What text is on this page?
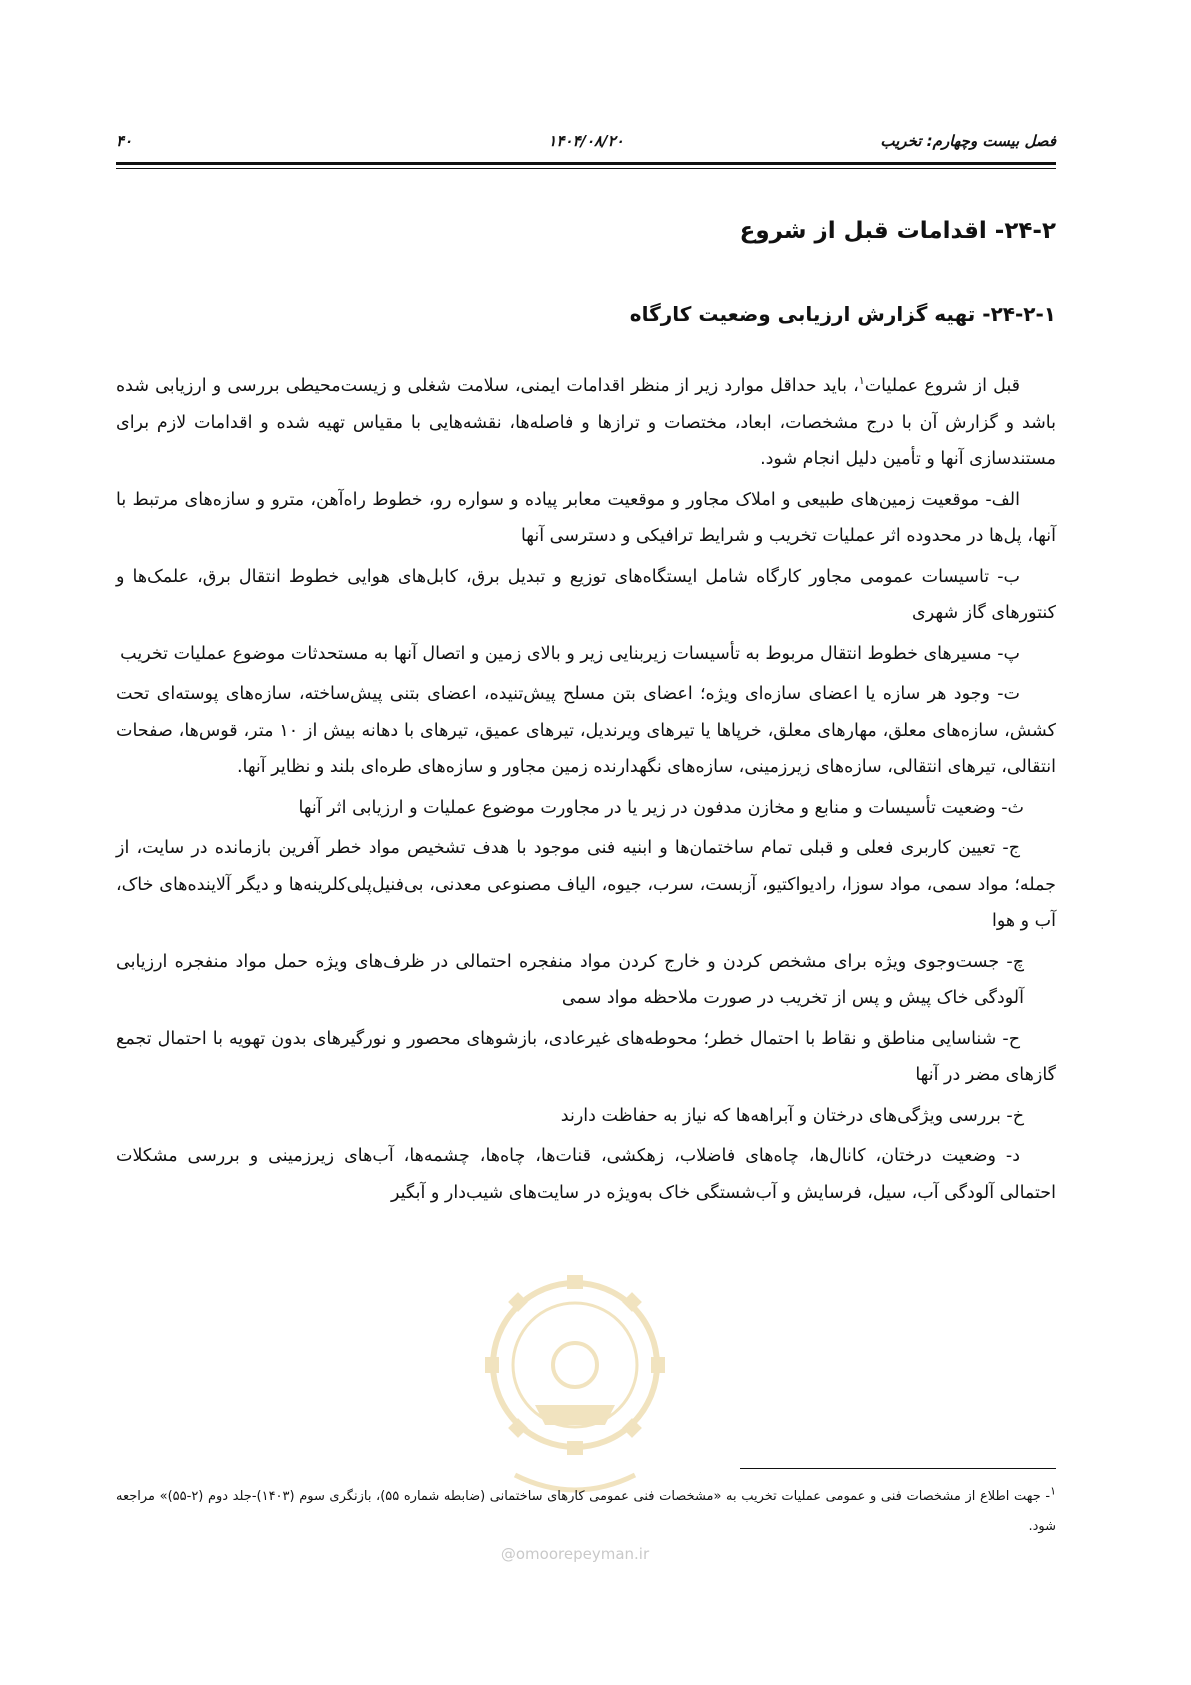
فصل بیست وچهارم: تخریب
۱۴۰۴/۰۸/۲۰
۴۰
۲۴-۲- اقدامات قبل از شروع
۲۴-۲-۱- تهیه گزارش ارزیابی وضعیت کارگاه

قبل از شروع عملیات$^۱$، باید حداقل موارد زیر از منظر اقدامات ایمنی، سلامت شغلی و زیست‌محیطی بررسی و ارزیابی شده باشد و گزارش آن با درج مشخصات، ابعاد، مختصات و ترازها و فاصله‌ها، نقشه‌هایی با مقیاس تهیه شده و اقدامات لازم برای مستندسازی آنها و تأمین دلیل انجام شود.

الف- موقعیت زمین‌های طبیعی و املاک مجاور و موقعیت معابر پیاده و سواره رو، خطوط راه‌آهن، مترو و سازه‌های مرتبط با آنها، پل‌ها در محدوده اثر عملیات تخریب و شرایط ترافیکی و دسترسی آنها

ب- تاسیسات عمومی مجاور کارگاه شامل ایستگاه‌های توزیع و تبدیل برق، کابل‌های هوایی خطوط انتقال برق، علمک‌ها و کنتورهای گاز شهری

پ- مسیرهای خطوط انتقال مربوط به تأسیسات زیربنایی زیر و بالای زمین و اتصال آنها به مستحدثات موضوع عملیات تخریب

ت- وجود هر سازه یا اعضای سازه‌ای ویژه؛ اعضای بتن مسلح پیش‌تنیده، اعضای بتنی پیش‌ساخته، سازه‌های پوسته‌ای تحت کشش، سازه‌های معلق، مهارهای معلق، خرپاها یا تیرهای ویرندیل، تیرهای عمیق، تیرهای با دهانه بیش از ۱۰ متر، قوس‌ها، صفحات انتقالی، تیرهای انتقالی، سازه‌های زیرزمینی، سازه‌های نگهدارنده زمین مجاور و سازه‌های طره‌ای بلند و نظایر آنها.

ث- وضعیت تأسیسات و منابع و مخازن مدفون در زیر یا در مجاورت موضوع عملیات و ارزیابی اثر آنها

ج- تعیین کاربری فعلی و قبلی تمام ساختمان‌ها و ابنیه فنی موجود با هدف تشخیص مواد خطر آفرین بازمانده در سایت، از جمله؛ مواد سمی، مواد سوزا، رادیواکتیو، آزبست، سرب، جیوه، الیاف مصنوعی معدنی، بی‌فنیل‌پلی‌کلرینه‌ها و دیگر آلاینده‌های خاک، آب و هوا

چ- جست‌وجوی ویژه برای مشخص کردن و خارج کردن مواد منفجره احتمالی در ظرف‌های ویژه حمل مواد منفجره ارزیابی آلودگی خاک پیش و پس از تخریب در صورت ملاحظه مواد سمی

ح- شناسایی مناطق و نقاط با احتمال خطر؛ محوطه‌های غیرعادی، بازشوهای محصور و نورگیرهای بدون تهویه با احتمال تجمع گازهای مضر در آنها

خ- بررسی ویژگی‌های درختان و آبراهه‌ها که نیاز به حفاظت دارند

د- وضعیت درختان، کانال‌ها، چاه‌های فاضلاب، زهکشی، قنات‌ها، چاه‌ها، چشمه‌ها، آب‌های زیرزمینی و بررسی مشکلات احتمالی آلودگی آب، سیل، فرسایش و آب‌شستگی خاک به‌ویژه در سایت‌های شیب‌دار و آبگیر

$^۱$- جهت اطلاع از مشخصات فنی و عمومی عملیات تخریب به «مشخصات فنی عمومی کارهای ساختمانی (ضابطه شماره ۵۵)، بازنگری سوم (۱۴۰۳)-جلد دوم (۲-۵۵)» مراجعه شود.
@omoorepeyman.ir
